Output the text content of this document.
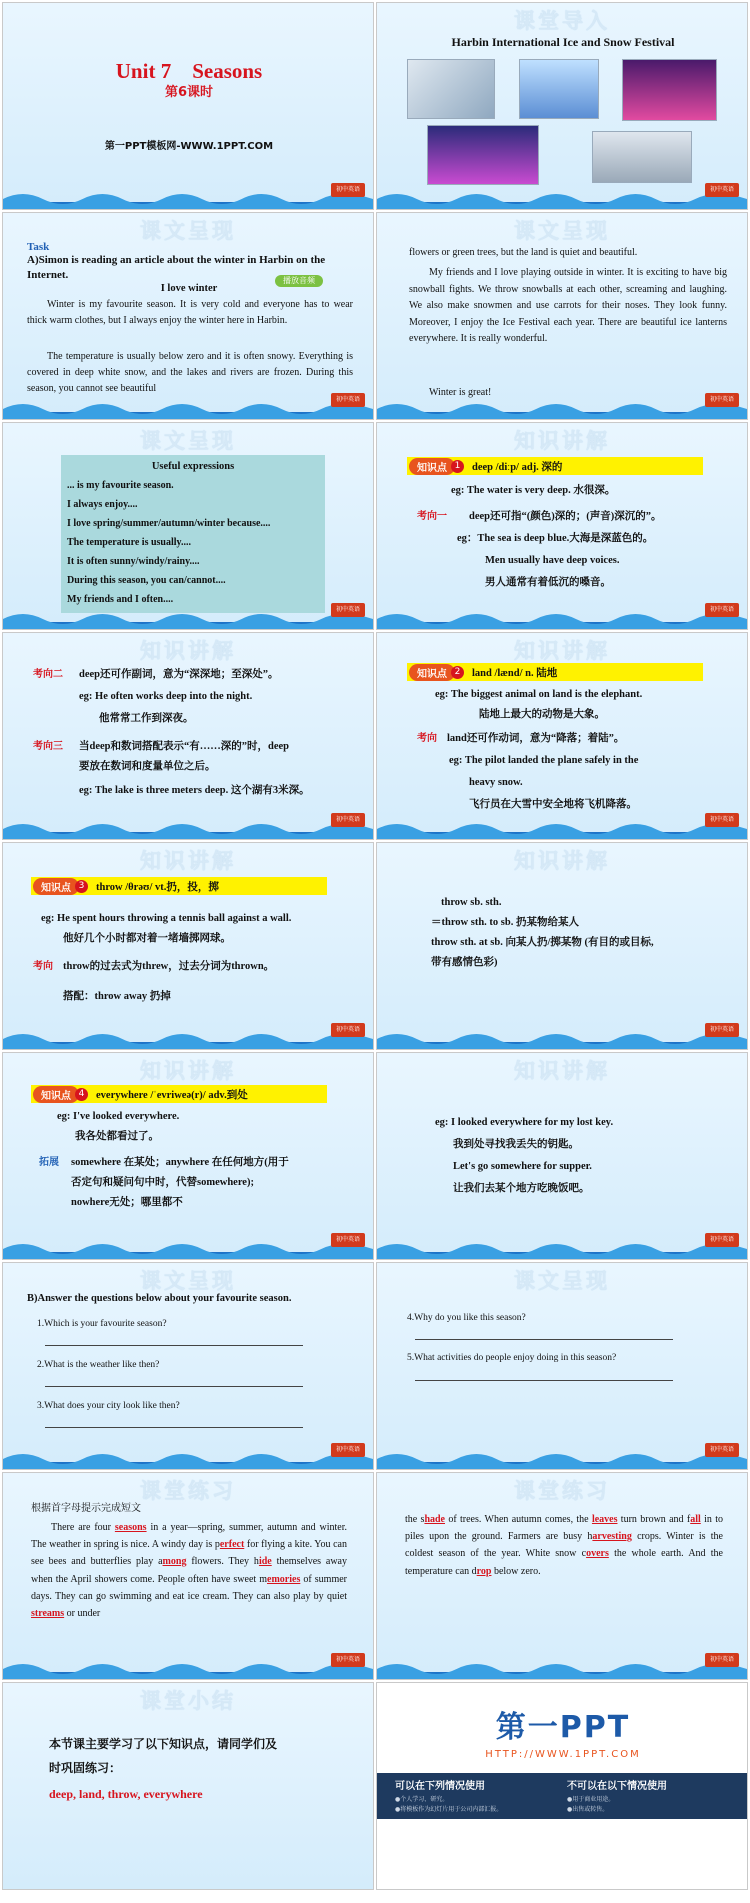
Unit 7　Seasons
第6课时
第一PPT模板网-WWW.1PPT.COM
初中英语
课堂导入
Harbin International Ice and Snow Festival
初中英语
课文呈现
Task
A)Simon is reading an article about the winter in Harbin on the Internet.	播放音频
I love winter
Winter is my favourite season. It is very cold and everyone has to wear thick warm clothes, but I always enjoy the winter here in Harbin.
The temperature is usually below zero and it is often snowy. Everything is covered in deep white snow, and the lakes and rivers are frozen. During this season, you cannot see beautiful
初中英语
课文呈现
flowers or green trees, but the land is quiet and beautiful.
My friends and I love playing outside in winter. It is exciting to have big snowball fights. We throw snowballs at each other, screaming and laughing. We also make snowmen and use carrots for their noses. They look funny. Moreover, I enjoy the Ice Festival each year. There are beautiful ice lanterns everywhere. It is really wonderful.
Winter is great!
初中英语
课文呈现
Useful expressions
... is my favourite season.
I always enjoy....
I love spring/summer/autumn/winter because....
The temperature is usually....
It is often sunny/windy/rainy....
During this season, you can/cannot....
My friends and I often....
初中英语
知识讲解
知识点 1	deep /diːp/ adj. 深的
eg: The water is very deep. 水很深。
考向一 deep还可指“(颜色)深的；(声音)深沉的”。
eg：The sea is deep blue.大海是深蓝色的。
Men usually have deep voices.
男人通常有着低沉的嗓音。
初中英语
知识讲解
考向二 deep还可作副词，意为“深深地；至深处”。
eg: He often works deep into the night.
他常常工作到深夜。
考向三 当deep和数词搭配表示“有……深的”时，deep
要放在数词和度量单位之后。
eg: The lake is three meters deep. 这个湖有3米深。
初中英语
知识讲解
知识点 2	land /lænd/ n. 陆地
eg: The biggest animal on land is the elephant.
陆地上最大的动物是大象。
考向 land还可作动词，意为“降落；着陆”。
eg: The pilot landed the plane safely in the
heavy snow.
飞行员在大雪中安全地将飞机降落。
初中英语
知识讲解
知识点 3	throw /θrəʊ/ vt.扔，投，掷
eg: He spent hours throwing a tennis ball against a wall.
他好几个小时都对着一堵墙掷网球。
考向 throw的过去式为threw，过去分词为thrown。
搭配：throw away 扔掉
初中英语
知识讲解
throw sb. sth.
＝throw sth. to sb. 扔某物给某人
throw sth. at sb. 向某人扔/掷某物 (有目的或目标,
带有感情色彩)
初中英语
知识讲解
知识点 4	everywhere /ˈevriweə(r)/ adv.到处
eg: I've looked everywhere.
我各处都看过了。
拓展 somewhere 在某处；anywhere 在任何地方(用于
否定句和疑问句中时，代替somewhere);
nowhere无处；哪里都不
初中英语
知识讲解
eg: I looked everywhere for my lost key.
我到处寻找我丢失的钥匙。
Let's go somewhere for supper.
让我们去某个地方吃晚饭吧。
初中英语
课文呈现
B)Answer the questions below about your favourite season.
1.Which is your favourite season?
2.What is the weather like then?
3.What does your city look like then?
初中英语
课文呈现
4.Why do you like this season?
5.What activities do people enjoy doing in this season?
初中英语
课堂练习
根据首字母提示完成短文
There are four seasons in a year—spring, summer, autumn and winter. The weather in spring is nice. A windy day is perfect for flying a kite. You can see bees and butterflies play among flowers. They hide themselves away when the April showers come. People often have sweet memories of summer days. They can go swimming and eat ice cream. They can also play by quiet streams or under
初中英语
课堂练习
the shade of trees. When autumn comes, the leaves turn brown and fall in to piles upon the ground. Farmers are busy harvesting crops. Winter is the coldest season of the year. White snow covers the whole earth. And the temperature can drop below zero.
初中英语
课堂小结
本节课主要学习了以下知识点，请同学们及
时巩固练习：
deep, land, throw, everywhere
第一PPT
HTTP://WWW.1PPT.COM
可以在下列情况使用	不可以在以下情况使用
●个人学习、研究。
●将模板作为幻灯片用于公司内部汇报。
●用于商业用途。
●出售或转售。
